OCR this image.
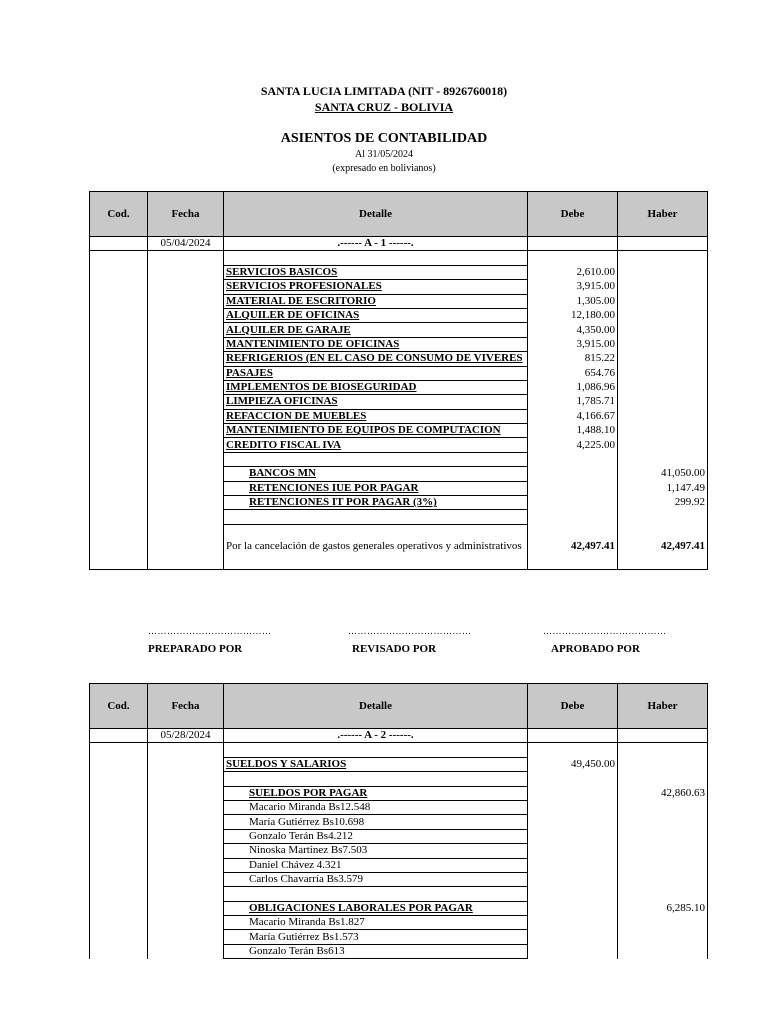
SANTA LUCIA LIMITADA (NIT - 8926760018)
SANTA CRUZ - BOLIVIA
ASIENTOS DE CONTABILIDAD
Al 31/05/2024
(expresado en bolivianos)
Cod.	Fecha	Detalle	Debe	Haber
	05/04/2024	.------ A - 1 ------.		

		SERVICIOS BASICOS	2,610.00	
		SERVICIOS PROFESIONALES	3,915.00	
		MATERIAL DE ESCRITORIO	1,305.00	
		ALQUILER DE OFICINAS	12,180.00	
		ALQUILER DE GARAJE	4,350.00	
		MANTENIMIENTO DE OFICINAS	3,915.00	
		REFRIGERIOS (EN EL CASO DE CONSUMO DE VIVERES	815.22	
		PASAJES	654.76	
		IMPLEMENTOS DE BIOSEGURIDAD	1,086.96	
		LIMPIEZA OFICINAS	1,785.71	
		REFACCION DE MUEBLES	4,166.67	
		MANTENIMIENTO DE EQUIPOS DE COMPUTACION	1,488.10	
		CREDITO FISCAL IVA	4,225.00	

		BANCOS MN		41,050.00
		RETENCIONES IUE POR PAGAR		1,147.49
		RETENCIONES IT POR PAGAR (3%)		299.92

		Por la cancelación de gastos generales operativos y administrativos	42,497.41	42,497.41
…………………………………	…………………………………	…………………………………
PREPARADO POR	REVISADO POR	APROBADO POR
Cod.	Fecha	Detalle	Debe	Haber
	05/28/2024	.------ A - 2 ------.		

		SUELDOS Y SALARIOS	49,450.00	

		SUELDOS POR PAGAR		42,860.63
		Macario Miranda Bs12.548		
		María Gutiérrez Bs10.698		
		Gonzalo Terán Bs4.212		
		Ninoska Martínez Bs7.503		
		Daniel Chávez 4.321		
		Carlos Chavarría Bs3.579		

		OBLIGACIONES LABORALES POR PAGAR		6,285.10
		Macario Miranda Bs1.827		
		María Gutiérrez Bs1.573		
		Gonzalo Terán Bs613		
